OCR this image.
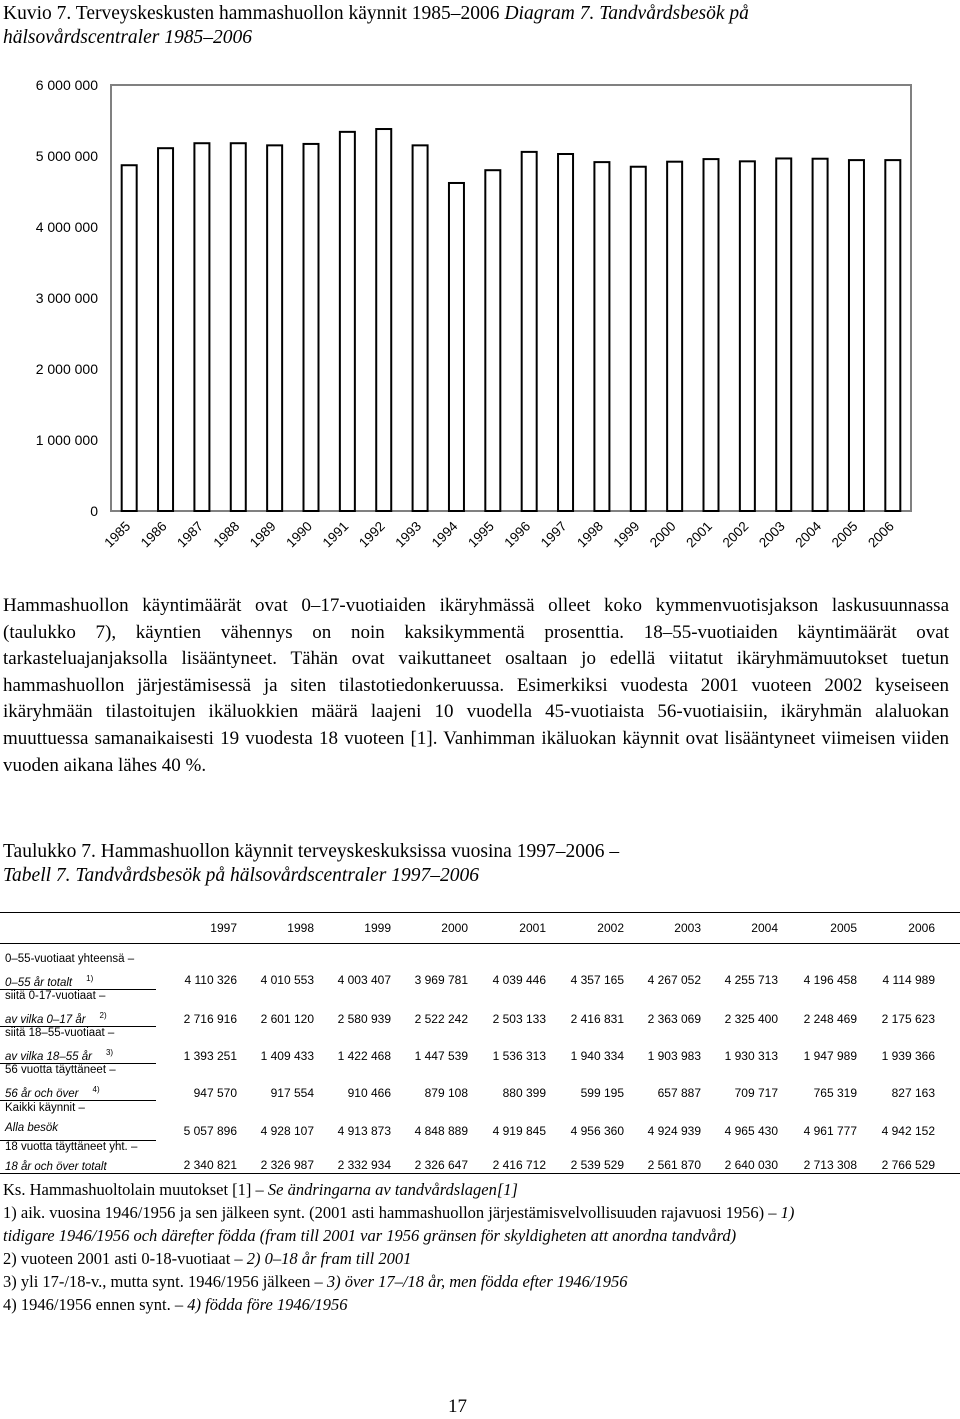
Kuvio 7. Terveyskeskusten hammashuollon käynnit 1985–2006 Diagram 7. Tandvårdsbesök på
hälsovårdscentraler 1985–2006
0
1 000 000
2 000 000
3 000 000
4 000 000
5 000 000
6 000 000
1985 1986 1987 1988 1989 1990 1991 1992 1993 1994 1995 1996 1997 1998 1999 2000 2001 2002 2003 2004 2005 2006
Hammashuollon käyntimäärät ovat 0–17-vuotiaiden ikäryhmässä olleet koko kymmenvuotisjakson laskusuunnassa (taulukko 7), käyntien vähennys on noin kaksikymmentä prosenttia. 18–55-vuotiaiden käyntimäärät ovat tarkasteluajanjaksolla lisääntyneet. Tähän ovat vaikuttaneet osaltaan jo edellä viitatut ikäryhmämuutokset tuetun hammashuollon järjestämisessä ja siten tilastotiedonkeruussa. Esimerkiksi vuodesta 2001 vuoteen 2002 kyseiseen ikäryhmään tilastoitujen ikäluokkien määrä laajeni 10 vuodella 45-vuotiaista 56-vuotiaisiin, ikäryhmän alaluokan muuttuessa samanaikaisesti 19 vuodesta 18 vuoteen [1]. Vanhimman ikäluokan käynnit ovat lisääntyneet viimeisen viiden vuoden aikana lähes 40 %.
Taulukko 7. Hammashuollon käynnit terveyskeskuksissa vuosina 1997–2006 –
Tabell 7. Tandvårdsbesök på hälsovårdscentraler 1997–2006
1997	1998	1999	2000	2001	2002	2003	2004	2005	2006
0–55-vuotiaat yhteensä –
0–55 år totalt $^{1)}$	4 110 326	4 010 553	4 003 407	3 969 781	4 039 446	4 357 165	4 267 052	4 255 713	4 196 458	4 114 989
siitä 0-17-vuotiaat –
av vilka 0–17 år $^{2)}$	2 716 916	2 601 120	2 580 939	2 522 242	2 503 133	2 416 831	2 363 069	2 325 400	2 248 469	2 175 623
siitä 18–55-vuotiaat –
av vilka 18–55 år $^{3)}$	1 393 251	1 409 433	1 422 468	1 447 539	1 536 313	1 940 334	1 903 983	1 930 313	1 947 989	1 939 366
56 vuotta täyttäneet –
56 år och över $^{4)}$	947 570	917 554	910 466	879 108	880 399	599 195	657 887	709 717	765 319	827 163
Kaikki käynnit –
Alla besök	5 057 896	4 928 107	4 913 873	4 848 889	4 919 845	4 956 360	4 924 939	4 965 430	4 961 777	4 942 152
18 vuotta täyttäneet yht. –
18 år och över totalt	2 340 821	2 326 987	2 332 934	2 326 647	2 416 712	2 539 529	2 561 870	2 640 030	2 713 308	2 766 529
Ks. Hammashuoltolain muutokset [1] – Se ändringarna av tandvårdslagen[1]
1) aik. vuosina 1946/1956 ja sen jälkeen synt. (2001 asti hammashuollon järjestämisvelvollisuuden rajavuosi 1956) – 1)
tidigare 1946/1956 och därefter födda (fram till 2001 var 1956 gränsen för skyldigheten att anordna tandvård)
2) vuoteen 2001 asti 0-18-vuotiaat – 2) 0–18 år fram till 2001
3) yli 17-/18-v., mutta synt. 1946/1956 jälkeen – 3) över 17–/18 år, men födda efter 1946/1956
4) 1946/1956 ennen synt. – 4) födda före 1946/1956
17
